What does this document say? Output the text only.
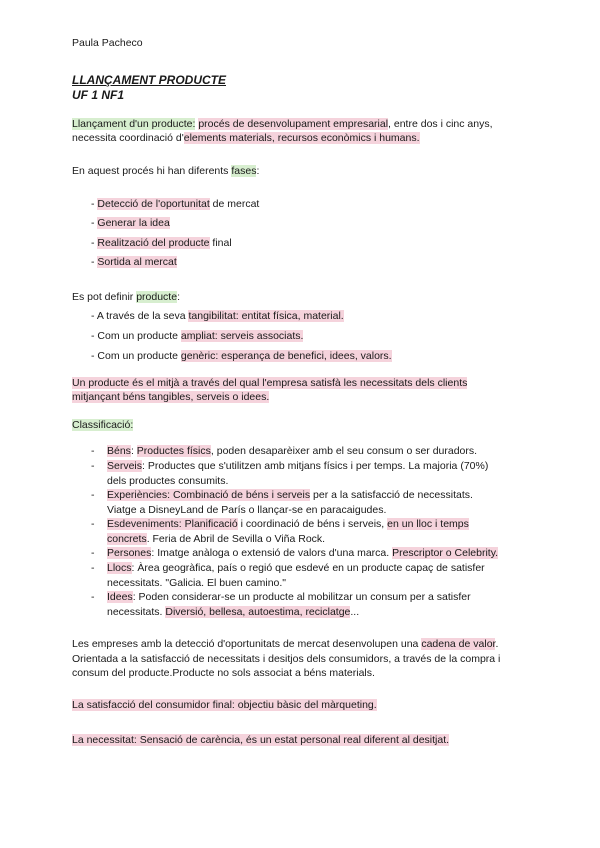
Paula Pacheco
LLANÇAMENT PRODUCTE
UF 1 NF1
Llançament d'un producte: procés de desenvolupament empresarial, entre dos i cinc anys,
necessita coordinació d'elements materials, recursos econòmics i humans.
En aquest procés hi han diferents fases:
- Detecció de l'oportunitat de mercat
- Generar la idea
- Realització del producte final
- Sortida al mercat
Es pot definir producte:
- A través de la seva tangibilitat: entitat física, material.
- Com un producte ampliat: serveis associats.
- Com un producte genèric: esperança de benefici, idees, valors.
Un producte és el mitjà a través del qual l'empresa satisfà les necessitats dels clients
mitjançant béns tangibles, serveis o idees.
Classificació:
- Béns: Productes físics, poden desaparèixer amb el seu consum o ser duradors.
- Serveis: Productes que s'utilitzen amb mitjans físics i per temps. La majoria (70%)
dels productes consumits.
- Experiències: Combinació de béns i serveis per a la satisfacció de necessitats.
Viatge a DisneyLand de París o llançar-se en paracaigudes.
- Esdeveniments: Planificació i coordinació de béns i serveis, en un lloc i temps
concrets. Feria de Abril de Sevilla o Viña Rock.
- Persones: Imatge anàloga o extensió de valors d'una marca. Prescriptor o Celebrity.
- Llocs: Àrea geogràfica, país o regió que esdevé en un producte capaç de satisfer
necessitats. "Galicia. El buen camino."
- Idees: Poden considerar-se un producte al mobilitzar un consum per a satisfer
necessitats. Diversió, bellesa, autoestima, reciclatge...
Les empreses amb la detecció d'oportunitats de mercat desenvolupen una cadena de valor.
Orientada a la satisfacció de necessitats i desitjos dels consumidors, a través de la compra i
consum del producte.Producte no sols associat a béns materials.
La satisfacció del consumidor final: objectiu bàsic del màrqueting.
La necessitat: Sensació de carència, és un estat personal real diferent al desitjat.
